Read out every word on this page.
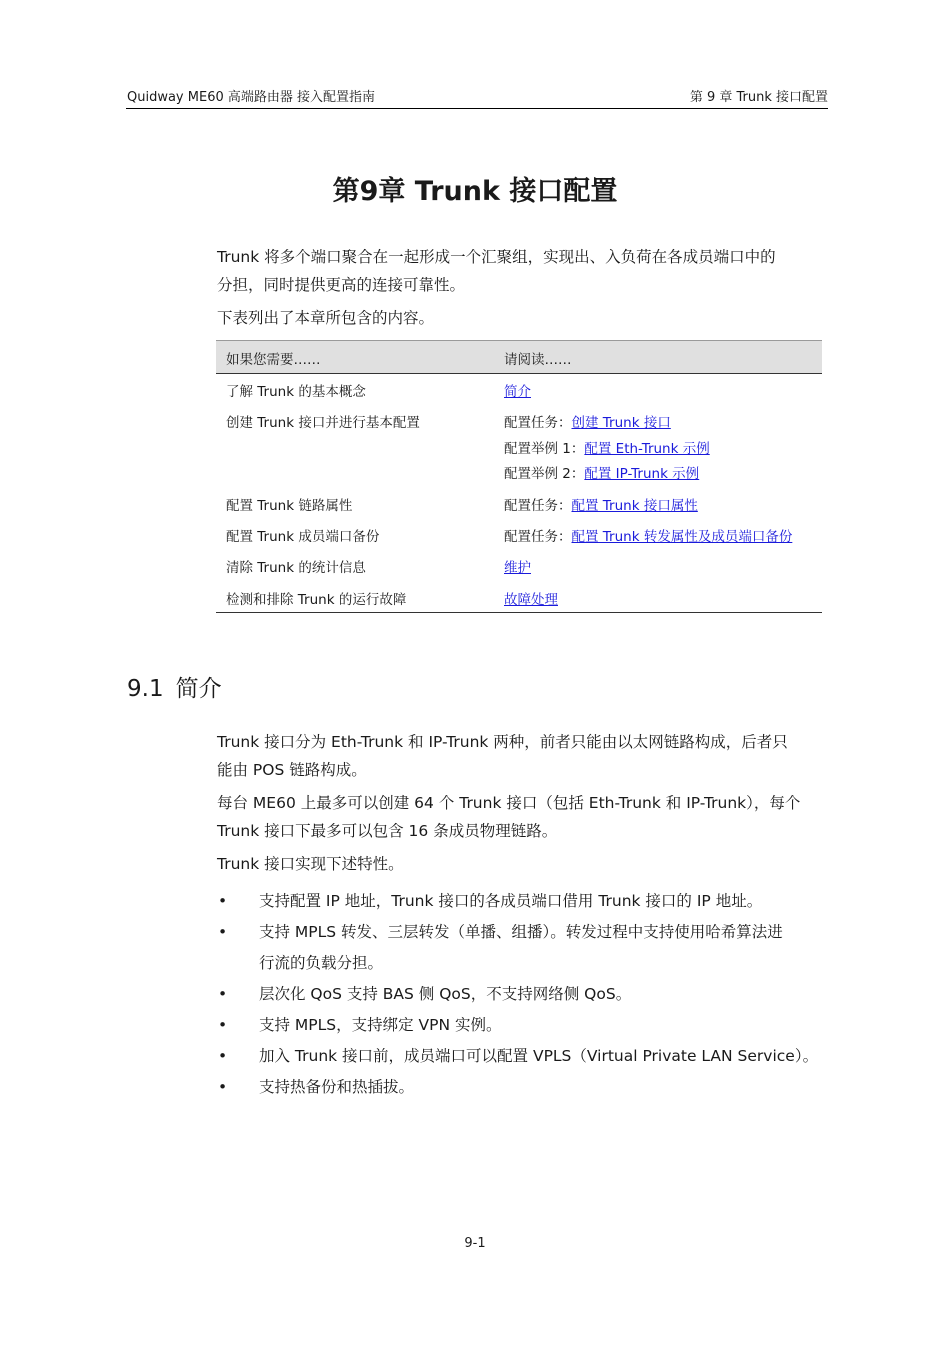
Quidway ME60 高端路由器 接入配置指南	第 9 章 Trunk 接口配置
第9章 Trunk 接口配置

Trunk 将多个端口聚合在一起形成一个汇聚组，实现出、入负荷在各成员端口中的

分担，同时提供更高的连接可靠性。

下表列出了本章所包含的内容。

如果您需要……	请阅读……
了解 Trunk 的基本概念	简介
创建 Trunk 接口并进行基本配置	配置任务：创建 Trunk 接口
配置举例 1：配置 Eth-Trunk 示例
配置举例 2：配置 IP-Trunk 示例
配置 Trunk 链路属性	配置任务：配置 Trunk 接口属性
配置 Trunk 成员端口备份	配置任务：配置 Trunk 转发属性及成员端口备份
清除 Trunk 的统计信息	维护
检测和排除 Trunk 的运行故障	故障处理
9.1 简介

Trunk 接口分为 Eth-Trunk 和 IP-Trunk 两种，前者只能由以太网链路构成，后者只

能由 POS 链路构成。

每台 ME60 上最多可以创建 64 个 Trunk 接口（包括 Eth-Trunk 和 IP-Trunk），每个

Trunk 接口下最多可以包含 16 条成员物理链路。

Trunk 接口实现下述特性。

• 支持配置 IP 地址，Trunk 接口的各成员端口借用 Trunk 接口的 IP 地址。
• 支持 MPLS 转发、三层转发（单播、组播）。转发过程中支持使用哈希算法进
行流的负载分担。
• 层次化 QoS 支持 BAS 侧 QoS，不支持网络侧 QoS。
• 支持 MPLS，支持绑定 VPN 实例。
• 加入 Trunk 接口前，成员端口可以配置 VPLS（Virtual Private LAN Service）。
• 支持热备份和热插拔。
9-1
